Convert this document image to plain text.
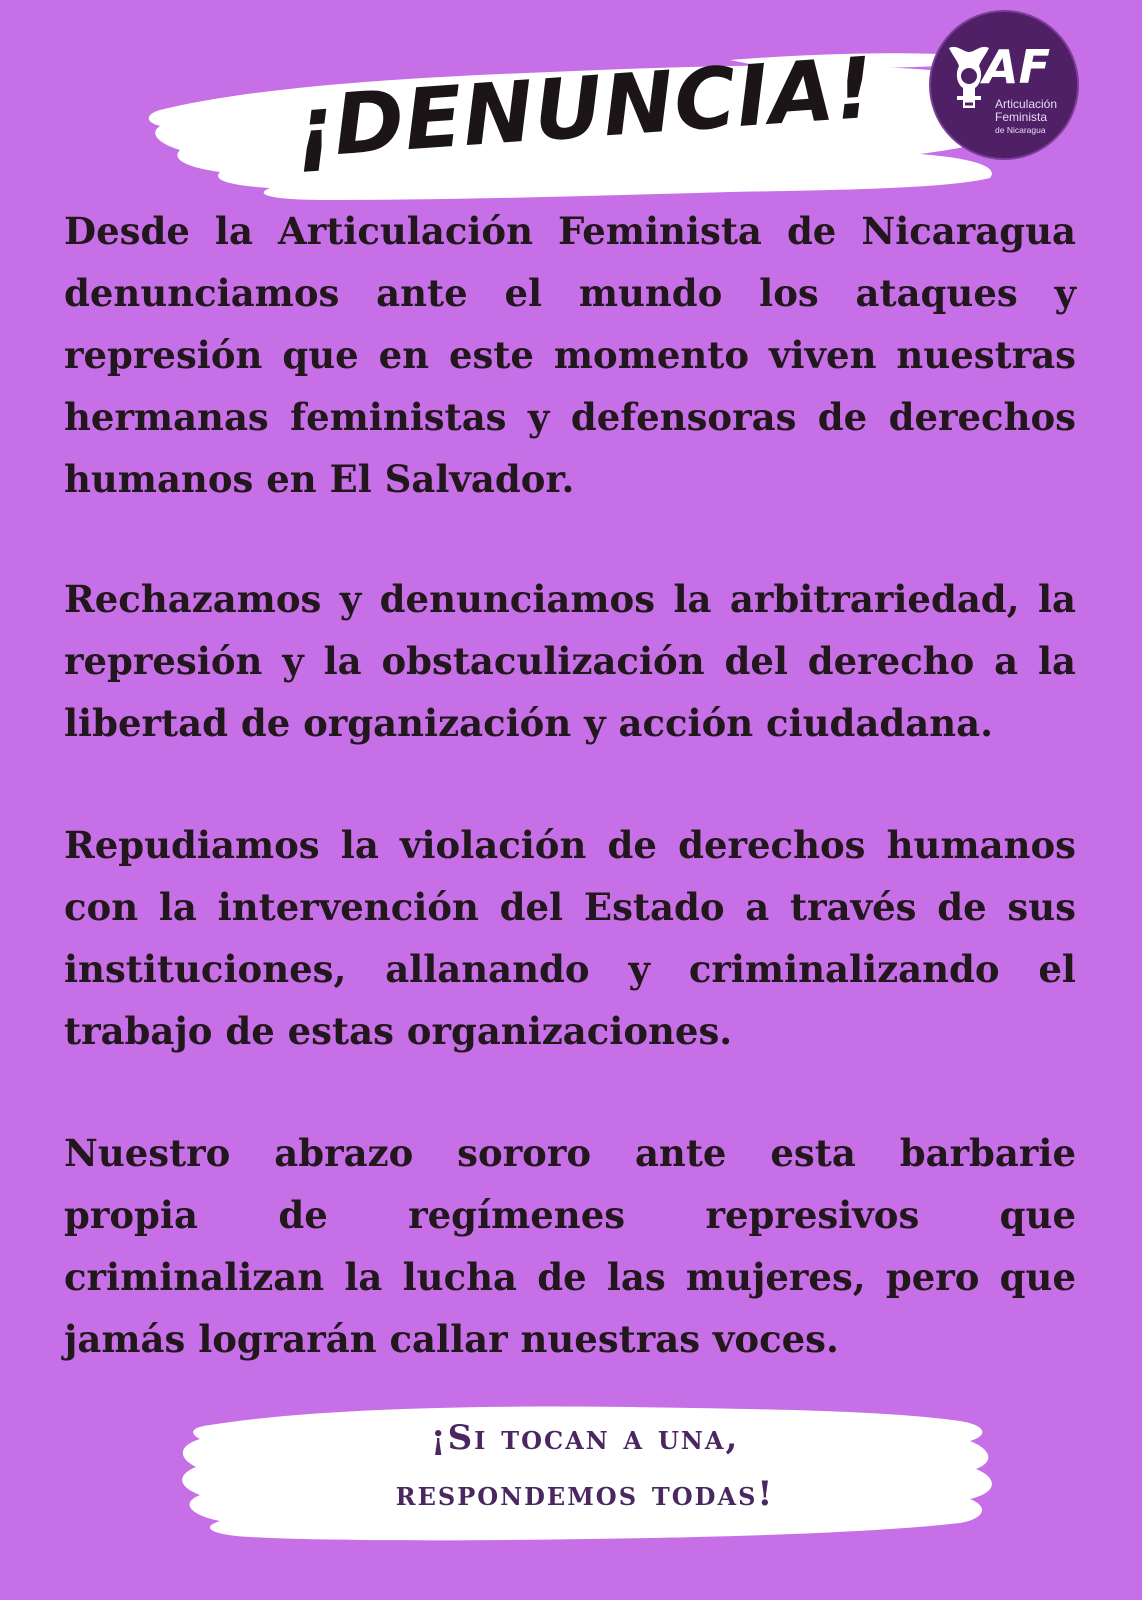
¡DENUNCIA!	AF
Articulación
Feminista
de Nicaragua

Desde la Articulación Feminista de Nicaragua
denunciamos ante el mundo los ataques y
represión que en este momento viven nuestras
hermanas feministas y defensoras de derechos
humanos en El Salvador.

Rechazamos y denunciamos la arbitrariedad, la
represión y la obstaculización del derecho a la
libertad de organización y acción ciudadana.

Repudiamos la violación de derechos humanos
con la intervención del Estado a través de sus
instituciones, allanando y criminalizando el
trabajo de estas organizaciones.

Nuestro abrazo sororo ante esta barbarie
propia de regímenes represivos que
criminalizan la lucha de las mujeres, pero que
jamás lograrán callar nuestras voces.

¡Si tocan a una,
respondemos todas!
